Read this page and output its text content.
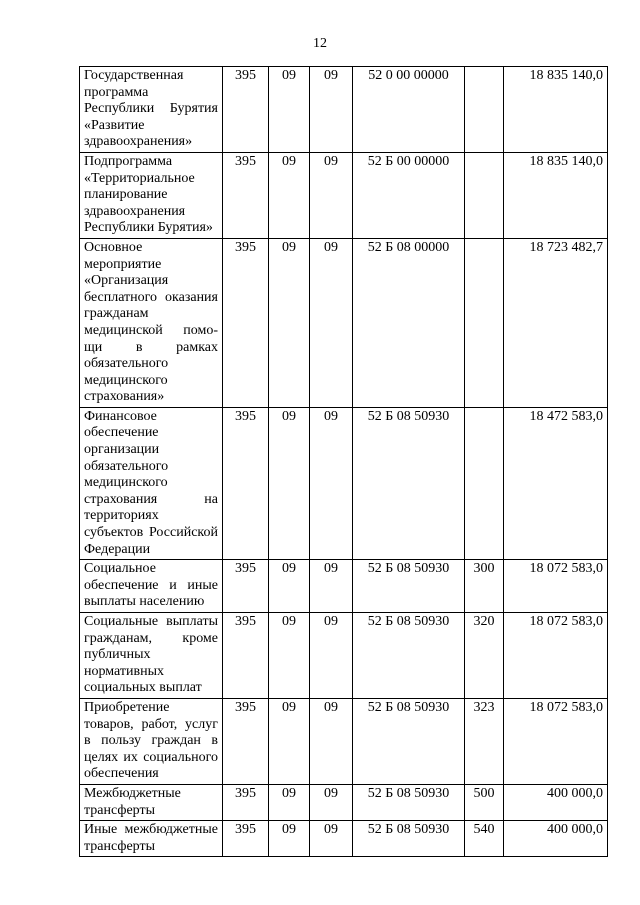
12
Государственная программа Республики Бурятия «Развитие здравоохранения»	395	09	09	52 0 00 00000		18 835 140,0
Подпрограмма «Территориальное планирование здравоохранения Республики Бурятия»	395	09	09	52 Б 00 00000		18 835 140,0
Основное мероприятие «Организация бесплатного оказания гражданам медицинской помо-щи в рамках обязательного медицинского страхования»	395	09	09	52 Б 08 00000		18 723 482,7
Финансовое обеспечение организации обязательного медицинского страхования на территориях субъектов Российской Федерации	395	09	09	52 Б 08 50930		18 472 583,0
Социальное обеспечение и иные выплаты населению	395	09	09	52 Б 08 50930	300	18 072 583,0
Социальные выплаты гражданам, кроме публичных нормативных социальных выплат	395	09	09	52 Б 08 50930	320	18 072 583,0
Приобретение товаров, работ, услуг в пользу граждан в целях их социального обеспечения	395	09	09	52 Б 08 50930	323	18 072 583,0
Межбюджетные трансферты	395	09	09	52 Б 08 50930	500	400 000,0
Иные межбюджетные трансферты	395	09	09	52 Б 08 50930	540	400 000,0
